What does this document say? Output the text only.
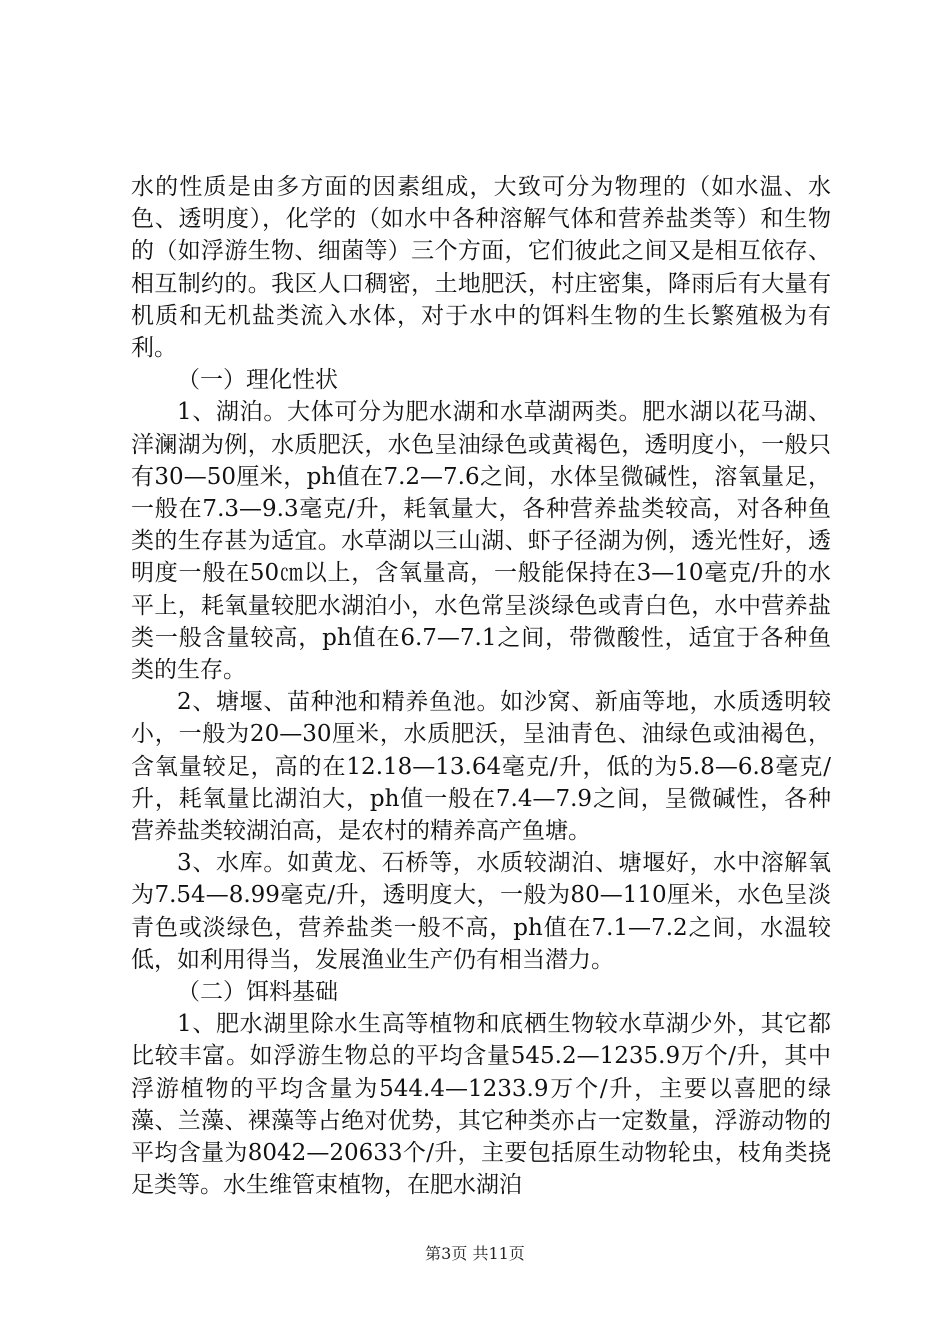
水的性质是由多方面的因素组成，大致可分为物理的（如水温、水色、透明度），化学的（如水中各种溶解气体和营养盐类等）和生物的（如浮游生物、细菌等）三个方面，它们彼此之间又是相互依存、相互制约的。我区人口稠密，土地肥沃，村庄密集，降雨后有大量有机质和无机盐类流入水体，对于水中的饵料生物的生长繁殖极为有利。

（一）理化性状

1、湖泊。大体可分为肥水湖和水草湖两类。肥水湖以花马湖、洋澜湖为例，水质肥沃，水色呈油绿色或黄褐色，透明度小，一般只有30—50厘米，ph值在7.2—7.6之间，水体呈微碱性，溶氧量足，一般在7.3—9.3毫克/升，耗氧量大，各种营养盐类较高，对各种鱼类的生存甚为适宜。水草湖以三山湖、虾子径湖为例，透光性好，透明度一般在50㎝以上，含氧量高，一般能保持在3—10毫克/升的水平上，耗氧量较肥水湖泊小，水色常呈淡绿色或青白色，水中营养盐类一般含量较高，ph值在6.7—7.1之间，带微酸性，适宜于各种鱼类的生存。

2、塘堰、苗种池和精养鱼池。如沙窝、新庙等地，水质透明较小，一般为20—30厘米，水质肥沃，呈油青色、油绿色或油褐色，含氧量较足，高的在12.18—13.64毫克/升，低的为5.8—6.8毫克/升，耗氧量比湖泊大，ph值一般在7.4—7.9之间，呈微碱性，各种营养盐类较湖泊高，是农村的精养高产鱼塘。

3、水库。如黄龙、石桥等，水质较湖泊、塘堰好，水中溶解氧为7.54—8.99毫克/升，透明度大，一般为80—110厘米，水色呈淡青色或淡绿色，营养盐类一般不高，ph值在7.1—7.2之间，水温较低，如利用得当，发展渔业生产仍有相当潜力。

（二）饵料基础

1、肥水湖里除水生高等植物和底栖生物较水草湖少外，其它都比较丰富。如浮游生物总的平均含量545.2—1235.9万个/升，其中浮游植物的平均含量为544.4—1233.9万个/升，主要以喜肥的绿藻、兰藻、裸藻等占绝对优势，其它种类亦占一定数量，浮游动物的平均含量为8042—20633个/升，主要包括原生动物轮虫，枝角类挠足类等。水生维管束植物，在肥水湖泊

第3页 共11页
